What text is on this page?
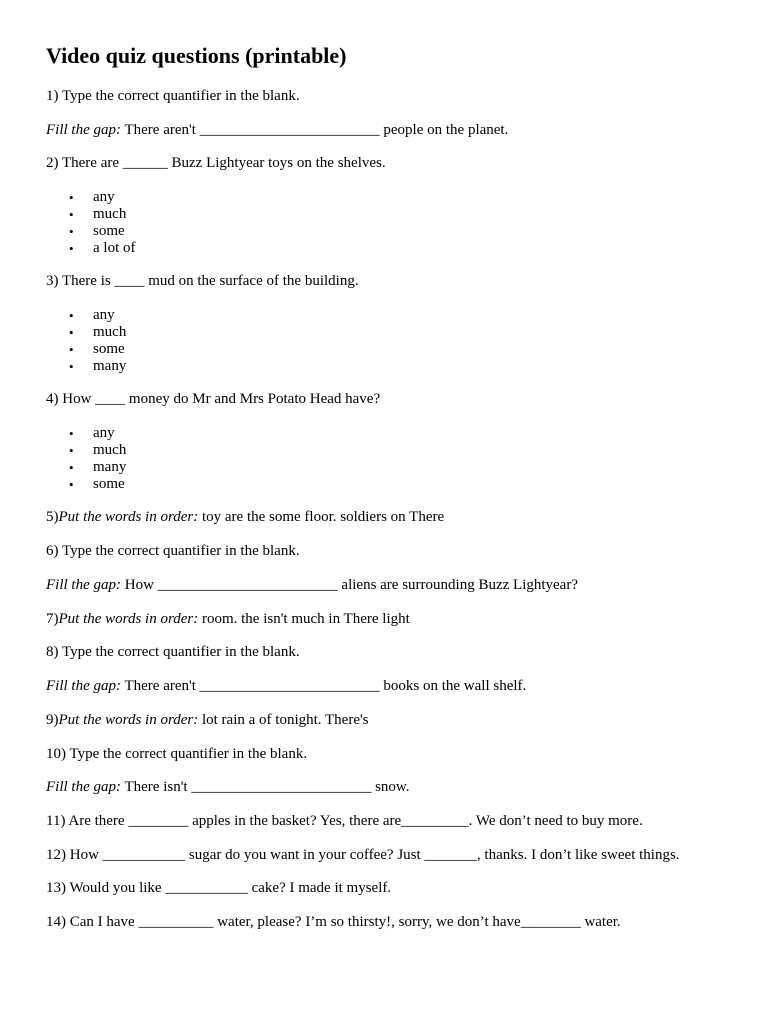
Video quiz questions (printable)
1) Type the correct quantifier in the blank.
Fill the gap: There aren't ________________________ people on the planet.
2) There are ______ Buzz Lightyear toys on the shelves.
• any
• much
• some
• a lot of
3) There is ____ mud on the surface of the building.
• any
• much
• some
• many
4) How ____ money do Mr and Mrs Potato Head have?
• any
• much
• many
• some
5)Put the words in order: toy are the some floor. soldiers on There
6) Type the correct quantifier in the blank.
Fill the gap: How ________________________ aliens are surrounding Buzz Lightyear?
7)Put the words in order: room. the isn't much in There light
8) Type the correct quantifier in the blank.
Fill the gap: There aren't ________________________ books on the wall shelf.
9)Put the words in order: lot rain a of tonight. There's
10) Type the correct quantifier in the blank.
Fill the gap: There isn't ________________________ snow.
11) Are there ________ apples in the basket? Yes, there are_________. We don’t need to buy more.
12) How ___________ sugar do you want in your coffee? Just _______, thanks. I don’t like sweet things.
13) Would you like ___________ cake? I made it myself.
14) Can I have __________ water, please? I’m so thirsty!, sorry, we don’t have________ water.
